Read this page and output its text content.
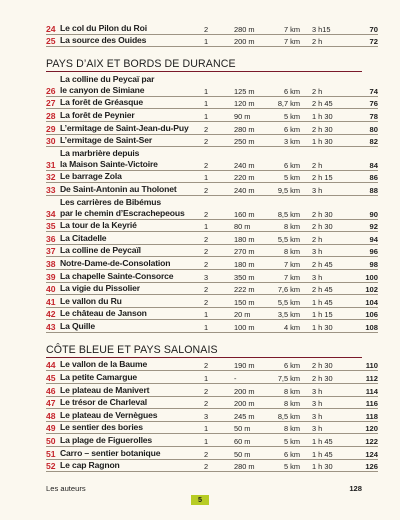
24	Le col du Pilon du Roi	2	280 m	7 km	3 h15	70
25	La source des Ouides	1	200 m	7 km	2 h	72
PAYS D’AIX ET BORDS DE DURANCE
26	La colline du Peycaï par
le canyon de Simiane	1	125 m	6 km	2 h	74
27	La forêt de Gréasque	1	120 m	8,7 km	2 h 45	76
28	La forêt de Peynier	1	90 m	5 km	1 h 30	78
29	L’ermitage de Saint-Jean-du-Puy	2	280 m	6 km	2 h 30	80
30	L’ermitage de Saint-Ser	2	250 m	3 km	1 h 30	82
31	La marbrière depuis
la Maison Sainte-Victoire	2	240 m	6 km	2 h	84
32	Le barrage Zola	1	220 m	5 km	2 h 15	86
33	De Saint-Antonin au Tholonet	2	240 m	9,5 km	3 h	88
34	Les carrières de Bibémus
par le chemin d’Escrachepeous	2	160 m	8,5 km	2 h 30	90
35	La tour de la Keyrié	1	80 m	8 km	2 h 30	92
36	La Citadelle	2	180 m	5,5 km	2 h	94
37	La colline de Peycaïl	2	270 m	8 km	3 h	96
38	Notre-Dame-de-Consolation	2	180 m	7 km	2 h 45	98
39	La chapelle Sainte-Consorce	3	350 m	7 km	3 h	100
40	La vigie du Pissolier	2	222 m	7,6 km	2 h 45	102
41	Le vallon du Ru	2	150 m	5,5 km	1 h 45	104
42	Le château de Janson	1	20 m	3,5 km	1 h 15	106
43	La Quille	1	100 m	4 km	1 h 30	108
CÔTE BLEUE ET PAYS SALONAIS
44	Le vallon de la Baume	2	190 m	6 km	2 h 30	110
45	La petite Camargue	1	-	7,5 km	2 h 30	112
46	Le plateau de Manivert	2	200 m	8 km	3 h	114
47	Le trésor de Charleval	2	200 m	8 km	3 h	116
48	Le plateau de Vernègues	3	245 m	8,5 km	3 h	118
49	Le sentier des bories	1	50 m	8 km	3 h	120
50	La plage de Figuerolles	1	60 m	5 km	1 h 45	122
51	Carro – sentier botanique	2	50 m	6 km	1 h 45	124
52	Le cap Ragnon	2	280 m	5 km	1 h 30	126
Les auteurs	128
5
